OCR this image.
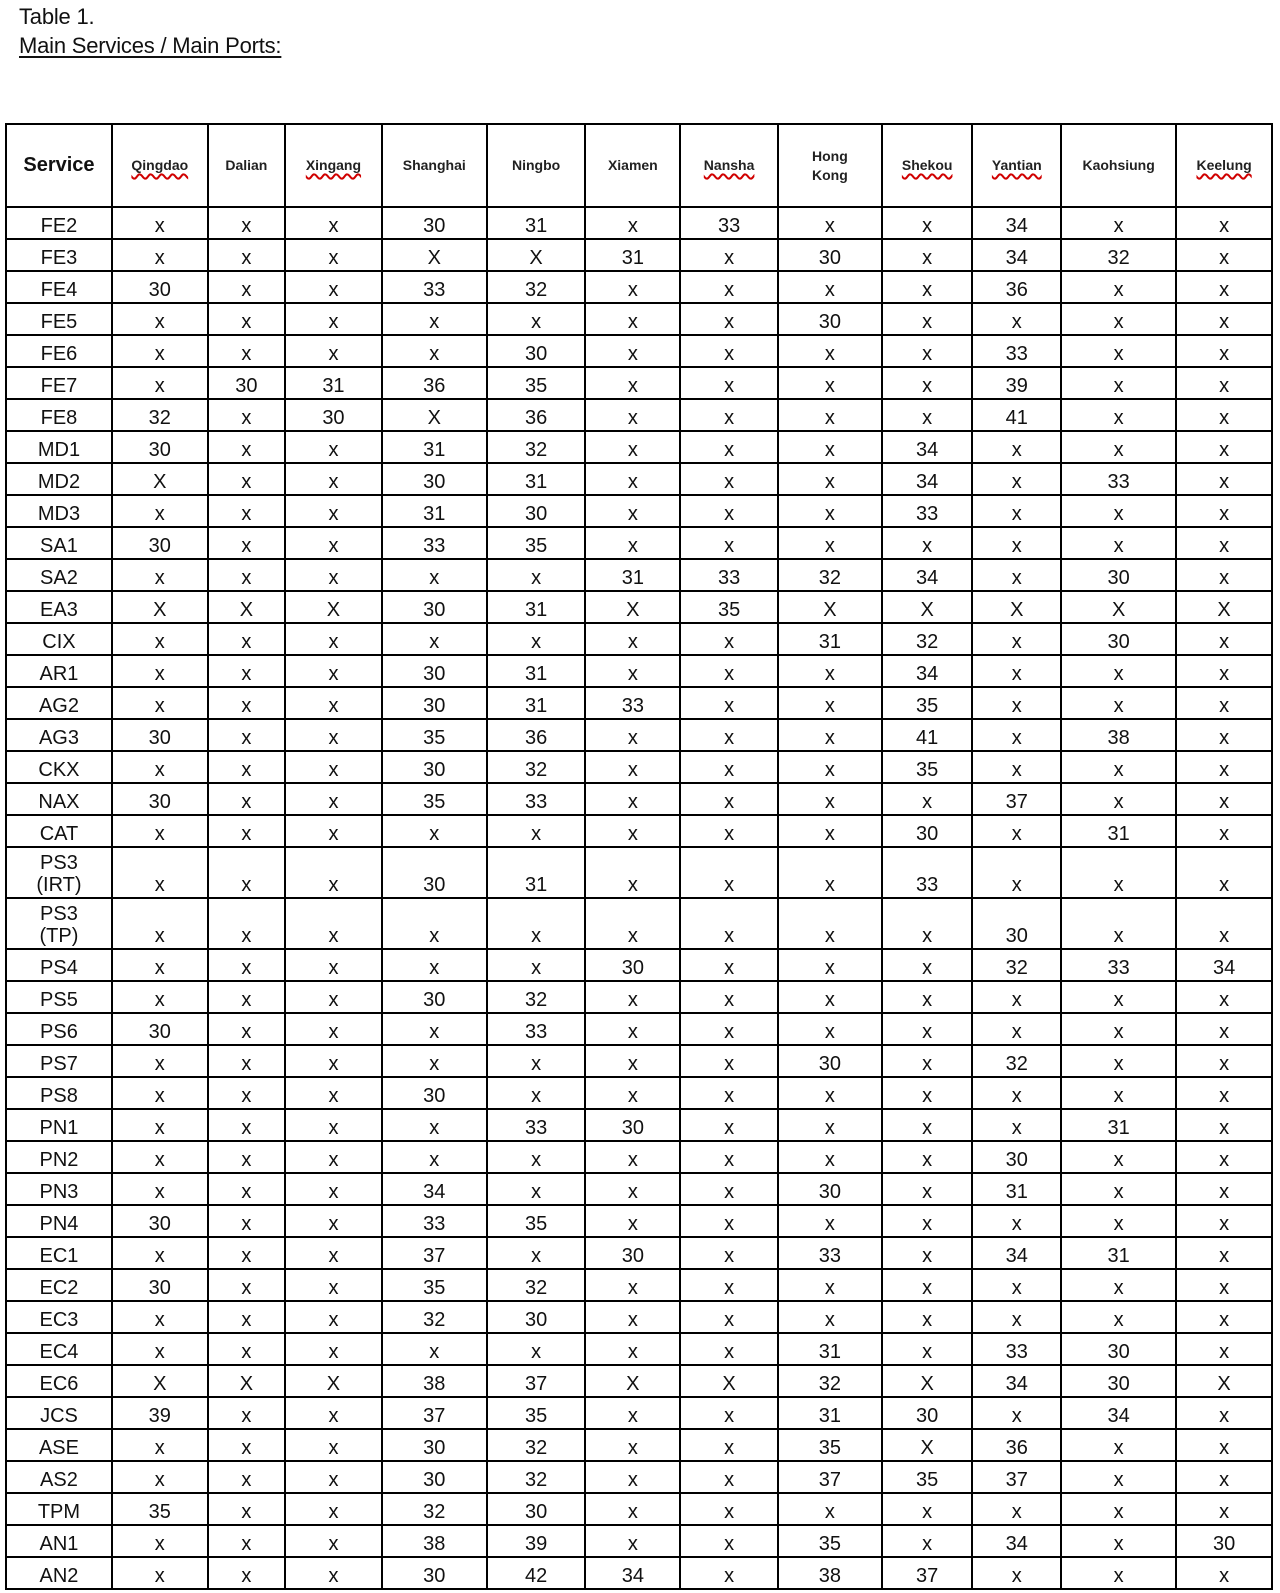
Table 1.
Main Services / Main Ports:
Service	Qingdao	Dalian	Xingang	Shanghai	Ningbo	Xiamen	Nansha	Hong
Kong	Shekou	Yantian	Kaohsiung	Keelung

FE2	x	x	x	30	31	x	33	x	x	34	x	x

FE3	x	x	x	X	X	31	x	30	x	34	32	x

FE4	30	x	x	33	32	x	x	x	x	36	x	x

FE5	x	x	x	x	x	x	x	30	x	x	x	x

FE6	x	x	x	x	30	x	x	x	x	33	x	x

FE7	x	30	31	36	35	x	x	x	x	39	x	x

FE8	32	x	30	X	36	x	x	x	x	41	x	x

MD1	30	x	x	31	32	x	x	x	34	x	x	x

MD2	X	x	x	30	31	x	x	x	34	x	33	x

MD3	x	x	x	31	30	x	x	x	33	x	x	x

SA1	30	x	x	33	35	x	x	x	x	x	x	x

SA2	x	x	x	x	x	31	33	32	34	x	30	x

EA3	X	X	X	30	31	X	35	X	X	X	X	X

CIX	x	x	x	x	x	x	x	31	32	x	30	x

AR1	x	x	x	30	31	x	x	x	34	x	x	x

AG2	x	x	x	30	31	33	x	x	35	x	x	x

AG3	30	x	x	35	36	x	x	x	41	x	38	x

CKX	x	x	x	30	32	x	x	x	35	x	x	x

NAX	30	x	x	35	33	x	x	x	x	37	x	x

CAT	x	x	x	x	x	x	x	x	30	x	31	x

PS3
(IRT)	x	x	x	30	31	x	x	x	33	x	x	x

PS3
(TP)	x	x	x	x	x	x	x	x	x	30	x	x

PS4	x	x	x	x	x	30	x	x	x	32	33	34

PS5	x	x	x	30	32	x	x	x	x	x	x	x

PS6	30	x	x	x	33	x	x	x	x	x	x	x

PS7	x	x	x	x	x	x	x	30	x	32	x	x

PS8	x	x	x	30	x	x	x	x	x	x	x	x

PN1	x	x	x	x	33	30	x	x	x	x	31	x

PN2	x	x	x	x	x	x	x	x	x	30	x	x

PN3	x	x	x	34	x	x	x	30	x	31	x	x

PN4	30	x	x	33	35	x	x	x	x	x	x	x

EC1	x	x	x	37	x	30	x	33	x	34	31	x

EC2	30	x	x	35	32	x	x	x	x	x	x	x

EC3	x	x	x	32	30	x	x	x	x	x	x	x

EC4	x	x	x	x	x	x	x	31	x	33	30	x

EC6	X	X	X	38	37	X	X	32	X	34	30	X

JCS	39	x	x	37	35	x	x	31	30	x	34	x

ASE	x	x	x	30	32	x	x	35	X	36	x	x

AS2	x	x	x	30	32	x	x	37	35	37	x	x

TPM	35	x	x	32	30	x	x	x	x	x	x	x

AN1	x	x	x	38	39	x	x	35	x	34	x	30

AN2	x	x	x	30	42	34	x	38	37	x	x	x
